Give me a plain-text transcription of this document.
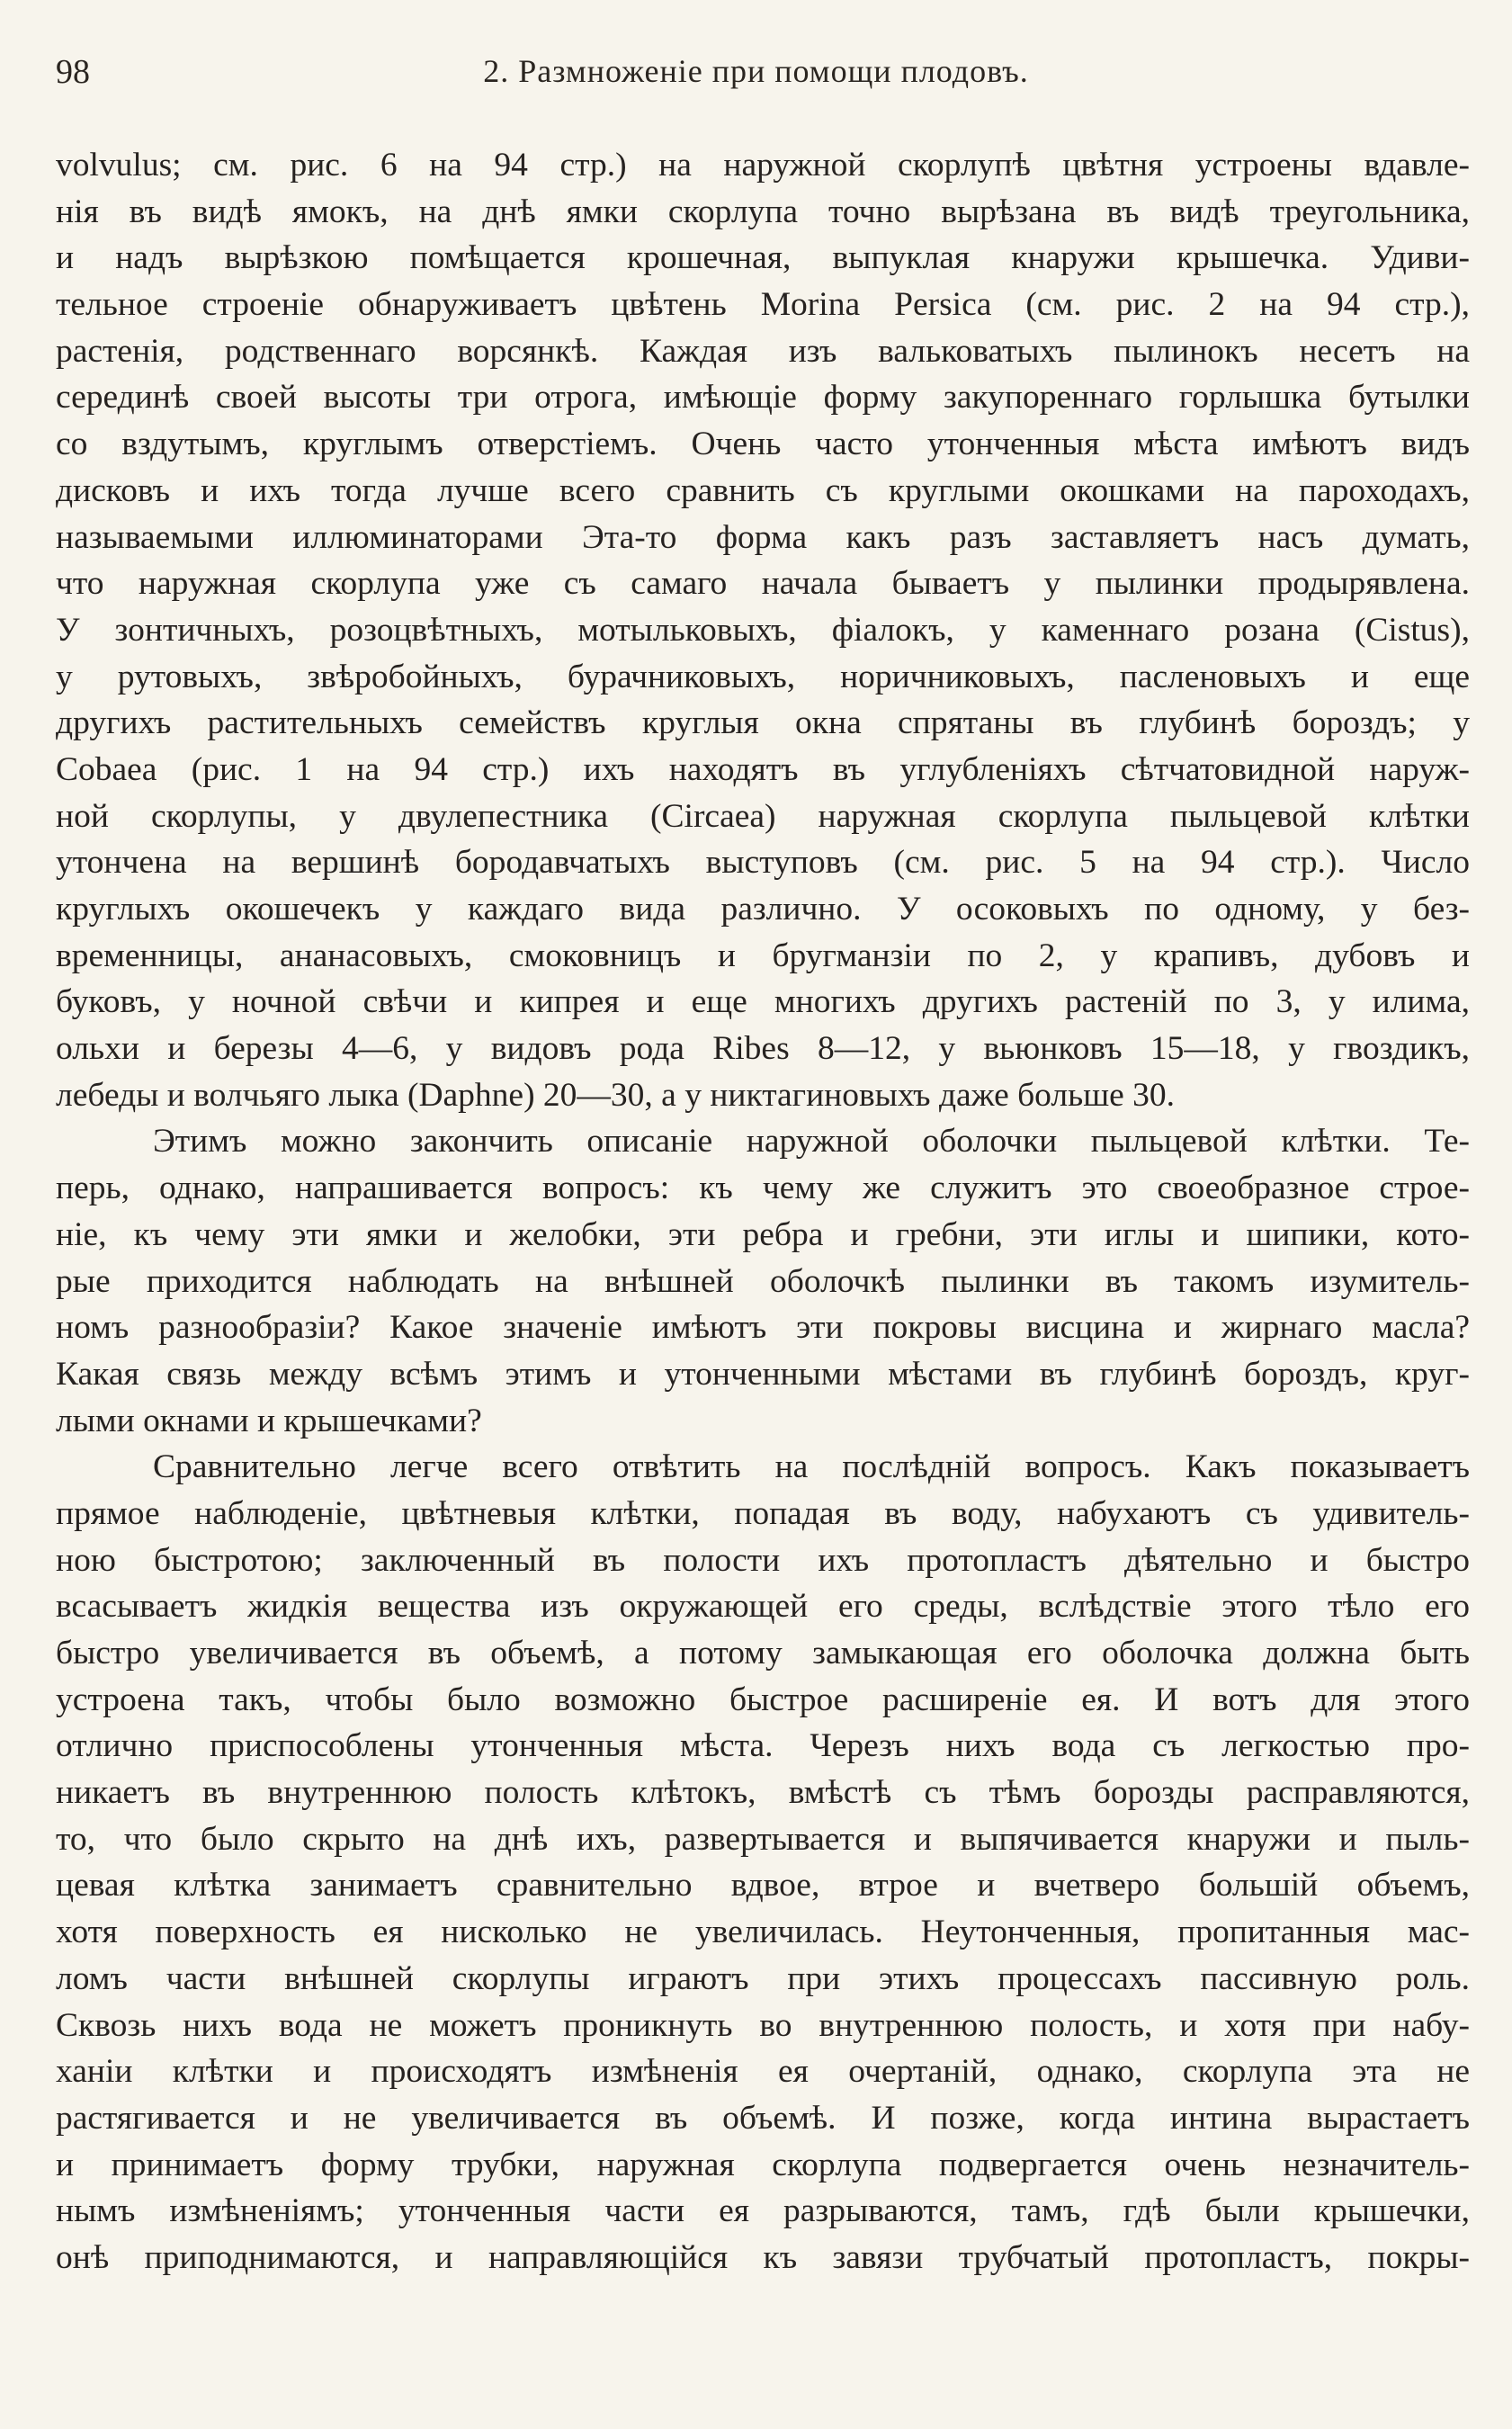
98	2. Размноженіе при помощи плодовъ.
volvulus; см. рис. 6 на 94 стр.) на наружной скорлупѣ цвѣтня устроены вдавле-
нія въ видѣ ямокъ, на днѣ ямки скорлупа точно вырѣзана въ видѣ треугольника,
и надъ вырѣзкою помѣщается крошечная, выпуклая кнаружи крышечка. Удиви-
тельное строеніе обнаруживаетъ цвѣтень Morina Persica (см. рис. 2 на 94 стр.),
растенія, родственнаго ворсянкѣ. Каждая изъ вальковатыхъ пылинокъ несетъ на
серединѣ своей высоты три отрога, имѣющіе форму закупореннаго горлышка бутылки
со вздутымъ, круглымъ отверстіемъ. Очень часто утонченныя мѣста имѣютъ видъ
дисковъ и ихъ тогда лучше всего сравнить съ круглыми окошками на пароходахъ,
называемыми иллюминаторами Эта-то форма какъ разъ заставляетъ насъ думать,
что наружная скорлупа уже съ самаго начала бываетъ у пылинки продырявлена.
У зонтичныхъ, розоцвѣтныхъ, мотыльковыхъ, фіалокъ, у каменнаго розана (Cistus),
у рутовыхъ, звѣробойныхъ, бурачниковыхъ, норичниковыхъ, пасленовыхъ и еще
другихъ растительныхъ семействъ круглыя окна спрятаны въ глубинѣ бороздъ; у
Cobaea (рис. 1 на 94 стр.) ихъ находятъ въ углубленіяхъ сѣтчатовидной наруж-
ной скорлупы, у двулепестника (Circaea) наружная скорлупа пыльцевой клѣтки
утончена на вершинѣ бородавчатыхъ выступовъ (см. рис. 5 на 94 стр.). Число
круглыхъ окошечекъ у каждаго вида различно. У осоковыхъ по одному, у без-
временницы, ананасовыхъ, смоковницъ и бругманзіи по 2, у крапивъ, дубовъ и
буковъ, у ночной свѣчи и кипрея и еще многихъ другихъ растеній по 3, у илима,
ольхи и березы 4—6, у видовъ рода Ribes 8—12, у вьюнковъ 15—18, у гвоздикъ,
лебеды и волчьяго лыка (Daphne) 20—30, а у никтагиновыхъ даже больше 30.
Этимъ можно закончить описаніе наружной оболочки пыльцевой клѣтки. Те-
перь, однако, напрашивается вопросъ: къ чему же служитъ это своеобразное строе-
ніе, къ чему эти ямки и желобки, эти ребра и гребни, эти иглы и шипики, кото-
рые приходится наблюдать на внѣшней оболочкѣ пылинки въ такомъ изумитель-
номъ разнообразіи? Какое значеніе имѣютъ эти покровы висцина и жирнаго масла?
Какая связь между всѣмъ этимъ и утонченными мѣстами въ глубинѣ бороздъ, круг-
лыми окнами и крышечками?
Сравнительно легче всего отвѣтить на послѣдній вопросъ. Какъ показываетъ
прямое наблюденіе, цвѣтневыя клѣтки, попадая въ воду, набухаютъ съ удивитель-
ною быстротою; заключенный въ полости ихъ протопластъ дѣятельно и быстро
всасываетъ жидкія вещества изъ окружающей его среды, вслѣдствіе этого тѣло его
быстро увеличивается въ объемѣ, а потому замыкающая его оболочка должна быть
устроена такъ, чтобы было возможно быстрое расширеніе ея. И вотъ для этого
отлично приспособлены утонченныя мѣста. Черезъ нихъ вода съ легкостью про-
никаетъ въ внутреннюю полость клѣтокъ, вмѣстѣ съ тѣмъ борозды расправляются,
то, что было скрыто на днѣ ихъ, развертывается и выпячивается кнаружи и пыль-
цевая клѣтка занимаетъ сравнительно вдвое, втрое и вчетверо большій объемъ,
хотя поверхность ея нисколько не увеличилась. Неутонченныя, пропитанныя мас-
ломъ части внѣшней скорлупы играютъ при этихъ процессахъ пассивную роль.
Сквозь нихъ вода не можетъ проникнуть во внутреннюю полость, и хотя при набу-
ханіи клѣтки и происходятъ измѣненія ея очертаній, однако, скорлупа эта не
растягивается и не увеличивается въ объемѣ. И позже, когда интина вырастаетъ
и принимаетъ форму трубки, наружная скорлупа подвергается очень незначитель-
нымъ измѣненіямъ; утонченныя части ея разрываются, тамъ, гдѣ были крышечки,
онѣ приподнимаются, и направляющійся къ завязи трубчатый протопластъ, покры-
